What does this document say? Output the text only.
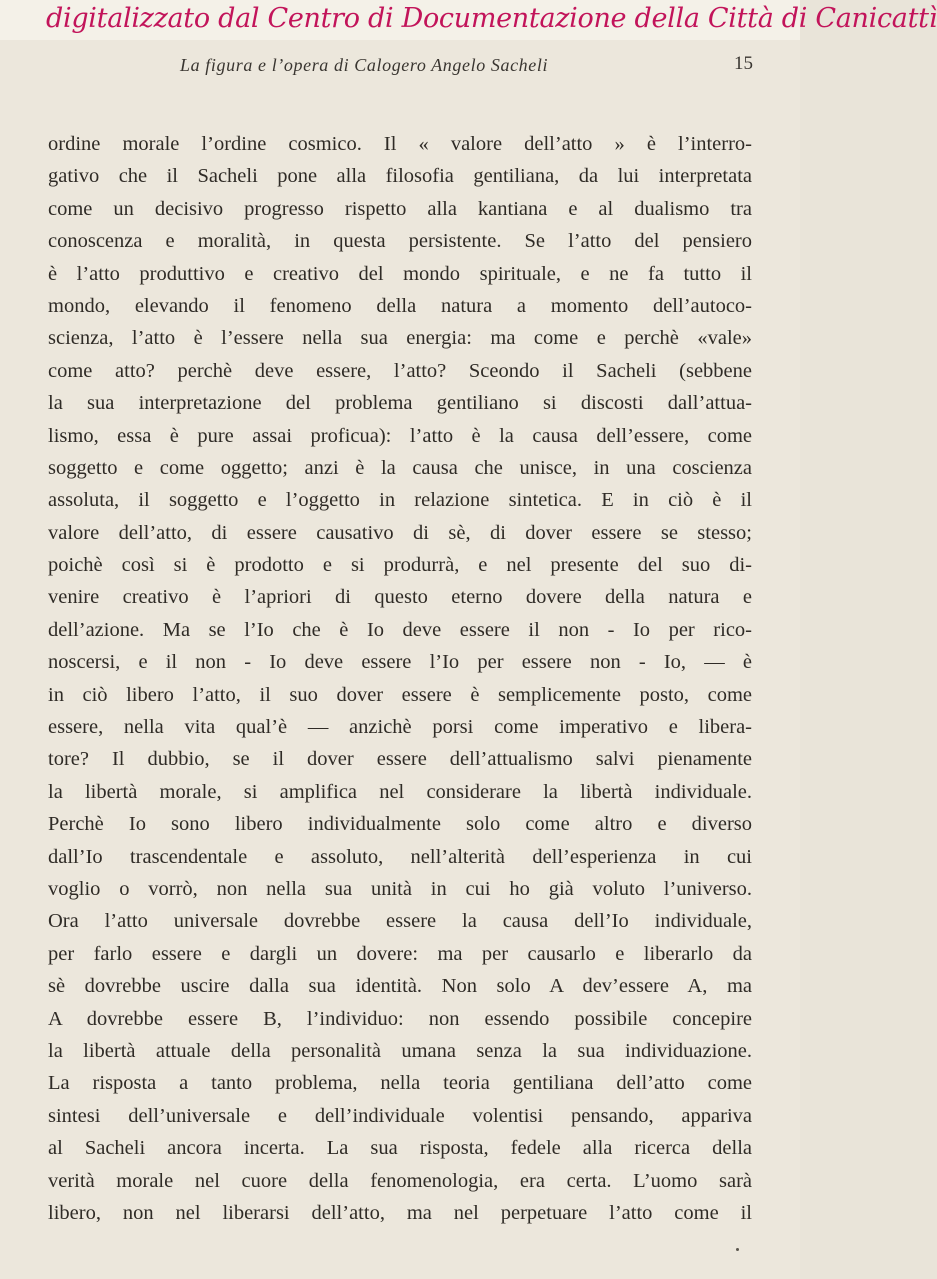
digitalizzato dal Centro di Documentazione della Città di Canicattì
La figura e l’opera di Calogero Angelo Sacheli	15
ordine morale l’ordine cosmico. Il « valore dell’atto » è l’interro-
gativo che il Sacheli pone alla filosofia gentiliana, da lui interpretata
come un decisivo progresso rispetto alla kantiana e al dualismo tra
conoscenza e moralità, in questa persistente. Se l’atto del pensiero
è l’atto produttivo e creativo del mondo spirituale, e ne fa tutto il
mondo, elevando il fenomeno della natura a momento dell’autoco-
scienza, l’atto è l’essere nella sua energia: ma come e perchè «vale»
come atto? perchè deve essere, l’atto? Sceondo il Sacheli (sebbene
la sua interpretazione del problema gentiliano si discosti dall’attua-
lismo, essa è pure assai proficua): l’atto è la causa dell’essere, come
soggetto e come oggetto; anzi è la causa che unisce, in una coscienza
assoluta, il soggetto e l’oggetto in relazione sintetica. E in ciò è il
valore dell’atto, di essere causativo di sè, di dover essere se stesso;
poichè così si è prodotto e si produrrà, e nel presente del suo di-
venire creativo è l’apriori di questo eterno dovere della natura e
dell’azione. Ma se l’Io che è Io deve essere il non - Io per rico-
noscersi, e il non - Io deve essere l’Io per essere non - Io, — è
in ciò libero l’atto, il suo dover essere è semplicemente posto, come
essere, nella vita qual’è — anzichè porsi come imperativo e libera-
tore? Il dubbio, se il dover essere dell’attualismo salvi pienamente
la libertà morale, si amplifica nel considerare la libertà individuale.
Perchè Io sono libero individualmente solo come altro e diverso
dall’Io trascendentale e assoluto, nell’alterità dell’esperienza in cui
voglio o vorrò, non nella sua unità in cui ho già voluto l’universo.
Ora l’atto universale dovrebbe essere la causa dell’Io individuale,
per farlo essere e dargli un dovere: ma per causarlo e liberarlo da
sè dovrebbe uscire dalla sua identità. Non solo A dev’essere A, ma
A dovrebbe essere B, l’individuo: non essendo possibile concepire
la libertà attuale della personalità umana senza la sua individuazione.
La risposta a tanto problema, nella teoria gentiliana dell’atto come
sintesi dell’universale e dell’individuale volentisi pensando, appariva
al Sacheli ancora incerta. La sua risposta, fedele alla ricerca della
verità morale nel cuore della fenomenologia, era certa. L’uomo sarà
libero, non nel liberarsi dell’atto, ma nel perpetuare l’atto come il
